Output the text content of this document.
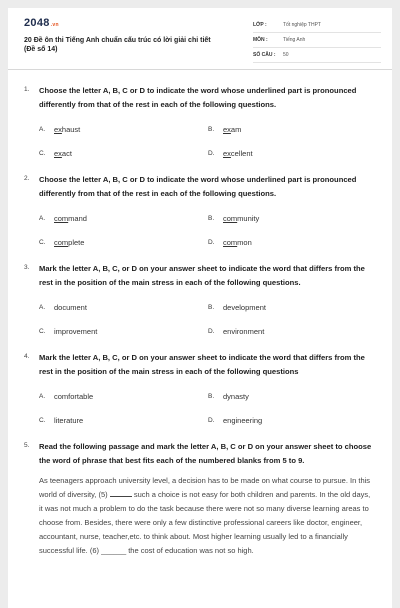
2048 .vn
20 Đề ôn thi Tiếng Anh chuẩn cấu trúc có lời giải chi tiết
(Đề số 14)
LỚP :	Tốt nghiệp THPT
MÔN :	Tiếng Anh
SỐ CÂU :	50
1. Choose the letter A, B, C or D to indicate the word whose underlined part is pronounced differently from that of the rest in each of the following questions.
A.	exhaust	B.	exam
C.	exact	D.	excellent
2. Choose the letter A, B, C or D to indicate the word whose underlined part is pronounced differently from that of the rest in each of the following questions.
A.	command	B.	community
C.	complete	D.	common
3. Mark the letter A, B, C, or D on your answer sheet to indicate the word that differs from the rest in the position of the main stress in each of the following questions.
A.	document	B.	development
C.	improvement	D.	environment
4. Mark the letter A, B, C, or D on your answer sheet to indicate the word that differs from the rest in the position of the main stress in each of the following questions
A.	comfortable	B.	dynasty
C.	literature	D.	engineering
5. Read the following passage and mark the letter A, B, C or D on your answer sheet to choose the word of phrase that best fits each of the numbered blanks from 5 to 9.
As teenagers approach university level, a decision has to be made on what course to pursue. In this world of diversity, (5)	such a choice is not easy for both children and parents. In the old days, it was not much a problem to do the task because there were not so many diverse learning areas to choose from. Besides, there were only a few distinctive professional careers like doctor, engineer, accountant, nurse, teacher,etc. to think about. Most higher learning usually led to a financially successful life. (6) ______ the cost of education was not so high.
